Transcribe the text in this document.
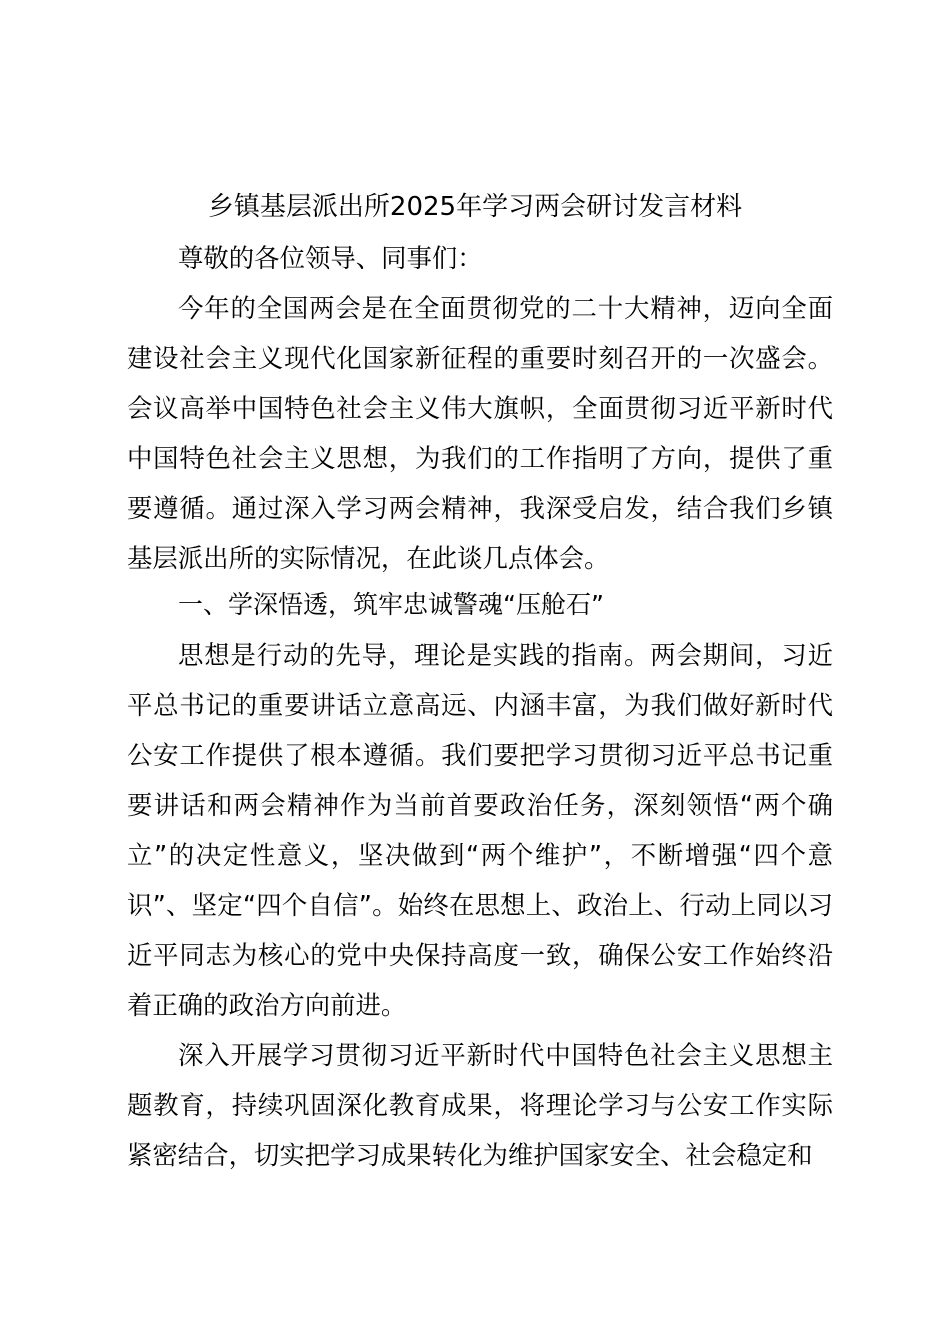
乡镇基层派出所2025年学习两会研讨发言材料
尊敬的各位领导、同事们：
今年的全国两会是在全面贯彻党的二十大精神，迈向全面建设社会主义现代化国家新征程的重要时刻召开的一次盛会。会议高举中国特色社会主义伟大旗帜，全面贯彻习近平新时代中国特色社会主义思想，为我们的工作指明了方向，提供了重要遵循。通过深入学习两会精神，我深受启发，结合我们乡镇基层派出所的实际情况，在此谈几点体会。
一、学深悟透，筑牢忠诚警魂“压舱石”
思想是行动的先导，理论是实践的指南。两会期间，习近平总书记的重要讲话立意高远、内涵丰富，为我们做好新时代公安工作提供了根本遵循。我们要把学习贯彻习近平总书记重要讲话和两会精神作为当前首要政治任务，深刻领悟“两个确立”的决定性意义，坚决做到“两个维护”，不断增强“四个意识”、坚定“四个自信”。始终在思想上、政治上、行动上同以习近平同志为核心的党中央保持高度一致，确保公安工作始终沿着正确的政治方向前进。
深入开展学习贯彻习近平新时代中国特色社会主义思想主题教育，持续巩固深化教育成果，将理论学习与公安工作实际紧密结合，切实把学习成果转化为维护国家安全、社会稳定和
